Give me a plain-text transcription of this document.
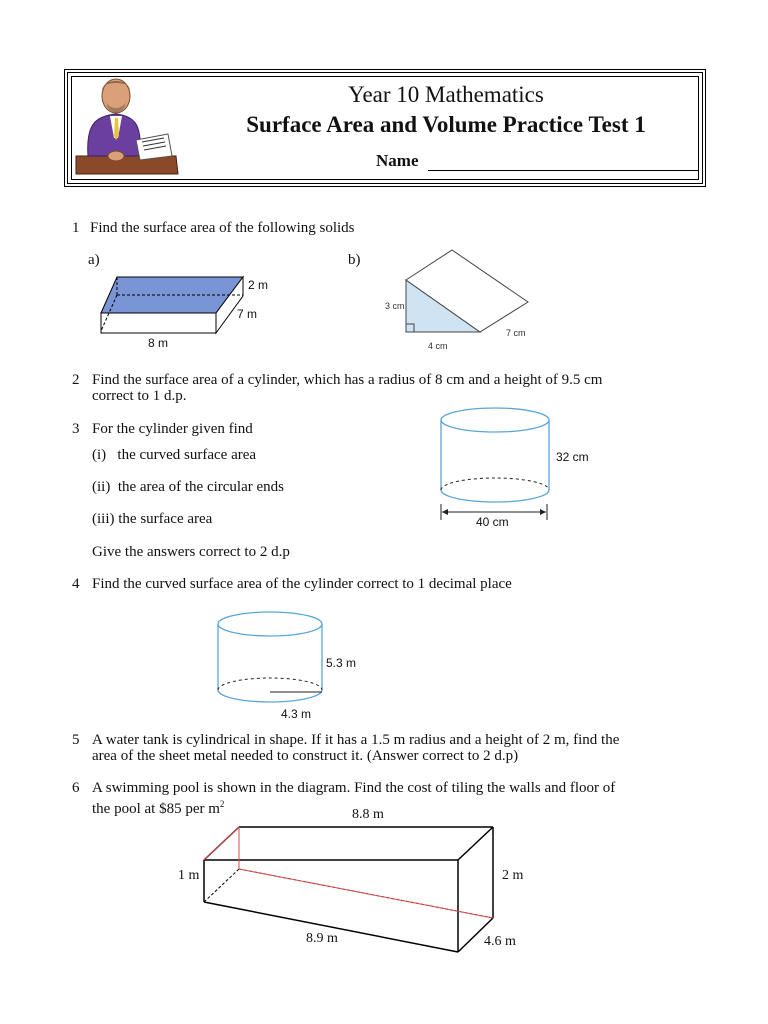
Year 10 Mathematics
Surface Area and Volume Practice Test 1
Name
1 Find the surface area of the following solids
a)	b)
2 m
7 m
8 m
3 cm
4 cm
7 cm
2 Find the surface area of a cylinder, which has a radius of 8 cm and a height of 9.5 cm
correct to 1 d.p.
3 For the cylinder given find
(i)   the curved surface area
(ii)  the area of the circular ends
(iii) the surface area
Give the answers correct to 2 d.p
32 cm
40 cm
4 Find the curved surface area of the cylinder correct to 1 decimal place
5.3 m
4.3 m
5 A water tank is cylindrical in shape. If it has a 1.5 m radius and a height of 2 m, find the
area of the sheet metal needed to construct it. (Answer correct to 2 d.p)
6 A swimming pool is shown in the diagram. Find the cost of tiling the walls and floor of
the pool at $85 per $m^2$
8.8 m
1 m	2 m
8.9 m	4.6 m
